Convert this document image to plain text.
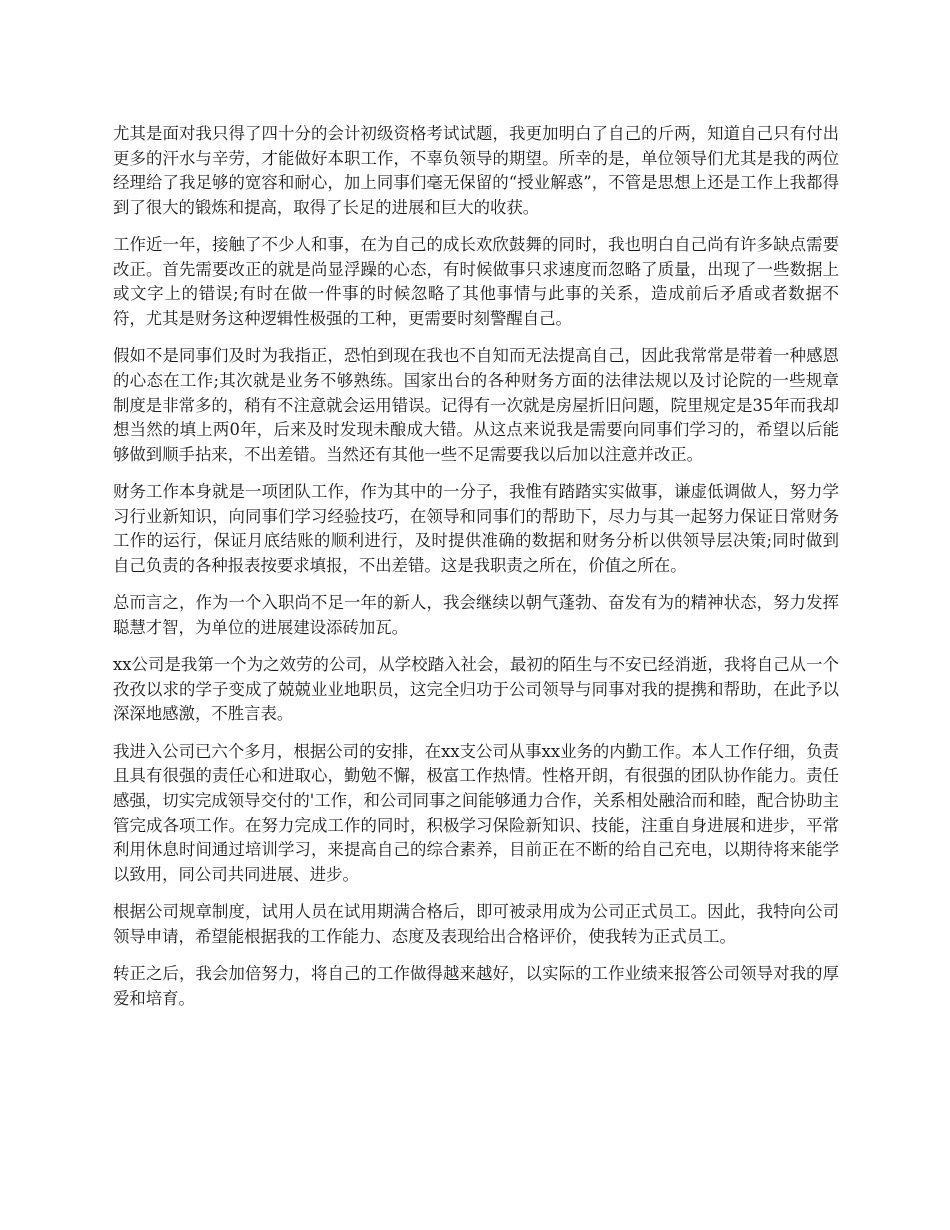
尤其是面对我只得了四十分的会计初级资格考试试题，我更加明白了自己的斤两，知道自己只有付出更多的汗水与辛劳，才能做好本职工作，不辜负领导的期望。所幸的是，单位领导们尤其是我的两位经理给了我足够的宽容和耐心，加上同事们毫无保留的“授业解惑”，不管是思想上还是工作上我都得到了很大的锻炼和提高，取得了长足的进展和巨大的收获。

工作近一年，接触了不少人和事，在为自己的成长欢欣鼓舞的同时，我也明白自己尚有许多缺点需要改正。首先需要改正的就是尚显浮躁的心态，有时候做事只求速度而忽略了质量，出现了一些数据上或文字上的错误;有时在做一件事的时候忽略了其他事情与此事的关系，造成前后矛盾或者数据不符，尤其是财务这种逻辑性极强的工种，更需要时刻警醒自己。

假如不是同事们及时为我指正，恐怕到现在我也不自知而无法提高自己，因此我常常是带着一种感恩的心态在工作;其次就是业务不够熟练。国家出台的各种财务方面的法律法规以及讨论院的一些规章制度是非常多的，稍有不注意就会运用错误。记得有一次就是房屋折旧问题，院里规定是35年而我却想当然的填上两0年，后来及时发现未酿成大错。从这点来说我是需要向同事们学习的，希望以后能够做到顺手拈来，不出差错。当然还有其他一些不足需要我以后加以注意并改正。

财务工作本身就是一项团队工作，作为其中的一分子，我惟有踏踏实实做事，谦虚低调做人，努力学习行业新知识，向同事们学习经验技巧，在领导和同事们的帮助下，尽力与其一起努力保证日常财务工作的运行，保证月底结账的顺利进行，及时提供准确的数据和财务分析以供领导层决策;同时做到自己负责的各种报表按要求填报，不出差错。这是我职责之所在，价值之所在。

总而言之，作为一个入职尚不足一年的新人，我会继续以朝气蓬勃、奋发有为的精神状态，努力发挥聪慧才智，为单位的进展建设添砖加瓦。

xx公司是我第一个为之效劳的公司，从学校踏入社会，最初的陌生与不安已经消逝，我将自己从一个孜孜以求的学子变成了兢兢业业地职员，这完全归功于公司领导与同事对我的提携和帮助，在此予以深深地感激，不胜言表。

我进入公司已六个多月，根据公司的安排，在xx支公司从事xx业务的内勤工作。本人工作仔细，负责且具有很强的责任心和进取心，勤勉不懈，极富工作热情。性格开朗，有很强的团队协作能力。责任感强，切实完成领导交付的'工作，和公司同事之间能够通力合作，关系相处融洽而和睦，配合协助主管完成各项工作。在努力完成工作的同时，积极学习保险新知识、技能，注重自身进展和进步，平常利用休息时间通过培训学习，来提高自己的综合素养，目前正在不断的给自己充电，以期待将来能学以致用，同公司共同进展、进步。

根据公司规章制度，试用人员在试用期满合格后，即可被录用成为公司正式员工。因此，我特向公司领导申请，希望能根据我的工作能力、态度及表现给出合格评价，使我转为正式员工。

转正之后，我会加倍努力，将自己的工作做得越来越好，以实际的工作业绩来报答公司领导对我的厚爱和培育。
